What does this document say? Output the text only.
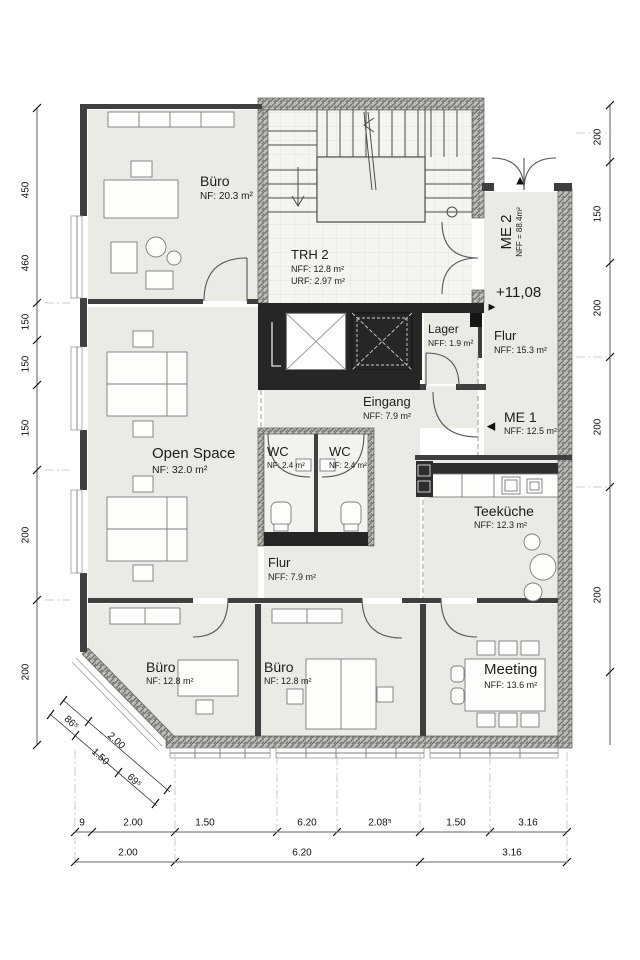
Büro
NF: 20.3 m²
TRH 2
NFF: 12.8 m²
URF: 2.97 m²
ME 2 NFF = 88.4m²
▲
Lager
NFF: 1.9 m² Flur
NFF: 15.3 m²
+11,08
▶
Eingang
NFF: 7.9 m²	ME 1
NFF: 12.5 m²
◀
Open Space
NF: 32.0 m²
WC
NF: 2.4 m²
WC
NF: 2.4 m²
Teeküche
NFF: 12.3 m²
Flur
NFF: 7.9 m²
Büro
NF: 12.8 m²
Büro
NF: 12.8 m²
Meeting
NFF: 13.6 m²
450
460
150
150
150
200
200
200
150
200
200
200
9	2.00	1.50	6.20	2.08⁵	1.50	3.16
2.00	6.20	3.16
86⁵
2.00
1.50
69⁵
